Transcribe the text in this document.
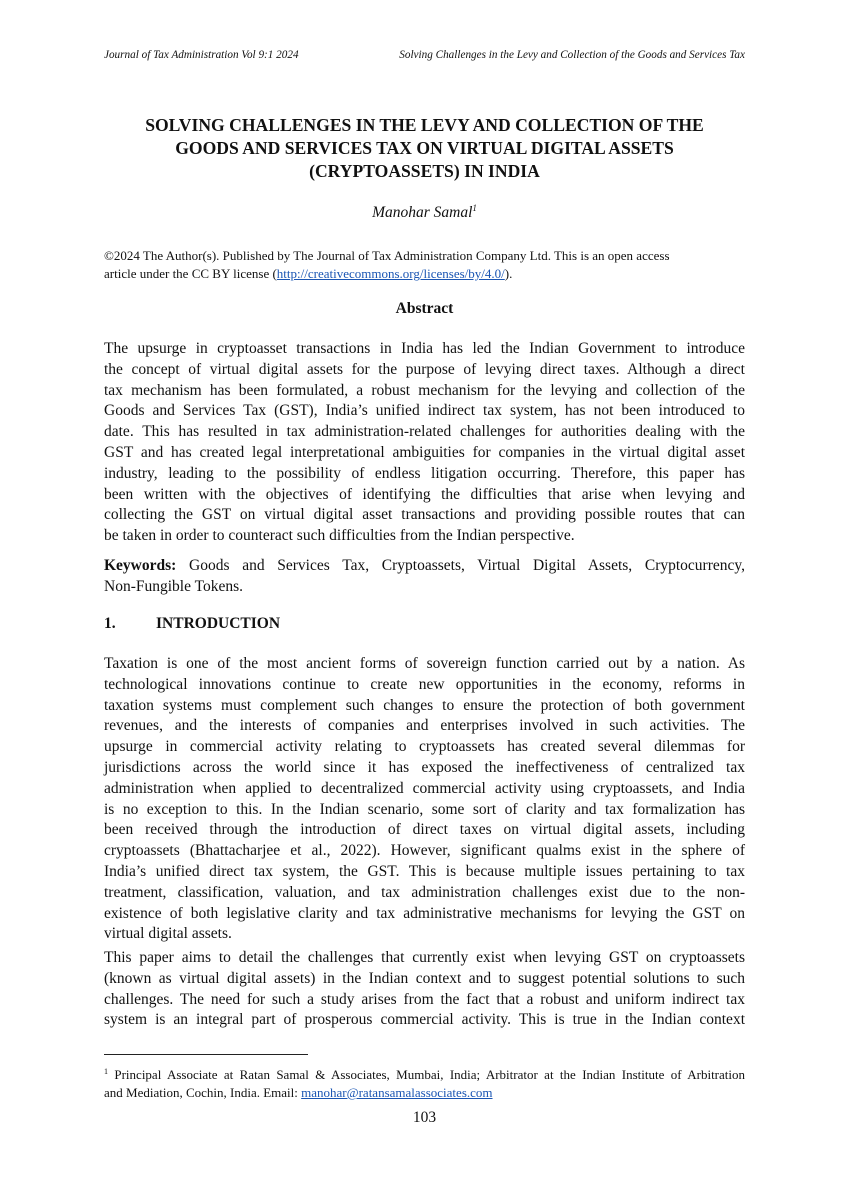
Journal of Tax Administration Vol 9:1 2024	Solving Challenges in the Levy and Collection of the Goods and Services Tax
SOLVING CHALLENGES IN THE LEVY AND COLLECTION OF THE
GOODS AND SERVICES TAX ON VIRTUAL DIGITAL ASSETS
(CRYPTOASSETS) IN INDIA
Manohar Samal$^1$
©2024 The Author(s). Published by The Journal of Tax Administration Company Ltd. This is an open access
article under the CC BY license (http://creativecommons.org/licenses/by/4.0/).
Abstract
The upsurge in cryptoasset transactions in India has led the Indian Government to introduce
the concept of virtual digital assets for the purpose of levying direct taxes. Although a direct
tax mechanism has been formulated, a robust mechanism for the levying and collection of the
Goods and Services Tax (GST), India’s unified indirect tax system, has not been introduced to
date. This has resulted in tax administration-related challenges for authorities dealing with the
GST and has created legal interpretational ambiguities for companies in the virtual digital asset
industry, leading to the possibility of endless litigation occurring. Therefore, this paper has
been written with the objectives of identifying the difficulties that arise when levying and
collecting the GST on virtual digital asset transactions and providing possible routes that can
be taken in order to counteract such difficulties from the Indian perspective.
Keywords: Goods and Services Tax, Cryptoassets, Virtual Digital Assets, Cryptocurrency,
Non-Fungible Tokens.
1.	INTRODUCTION
Taxation is one of the most ancient forms of sovereign function carried out by a nation. As
technological innovations continue to create new opportunities in the economy, reforms in
taxation systems must complement such changes to ensure the protection of both government
revenues, and the interests of companies and enterprises involved in such activities. The
upsurge in commercial activity relating to cryptoassets has created several dilemmas for
jurisdictions across the world since it has exposed the ineffectiveness of centralized tax
administration when applied to decentralized commercial activity using cryptoassets, and India
is no exception to this. In the Indian scenario, some sort of clarity and tax formalization has
been received through the introduction of direct taxes on virtual digital assets, including
cryptoassets (Bhattacharjee et al., 2022). However, significant qualms exist in the sphere of
India’s unified direct tax system, the GST. This is because multiple issues pertaining to tax
treatment, classification, valuation, and tax administration challenges exist due to the non-
existence of both legislative clarity and tax administrative mechanisms for levying the GST on
virtual digital assets.
This paper aims to detail the challenges that currently exist when levying GST on cryptoassets
(known as virtual digital assets) in the Indian context and to suggest potential solutions to such
challenges. The need for such a study arises from the fact that a robust and uniform indirect tax
system is an integral part of prosperous commercial activity. This is true in the Indian context
$^1$ Principal Associate at Ratan Samal & Associates, Mumbai, India; Arbitrator at the Indian Institute of Arbitration
and Mediation, Cochin, India. Email: manohar@ratansamalassociates.com
103
